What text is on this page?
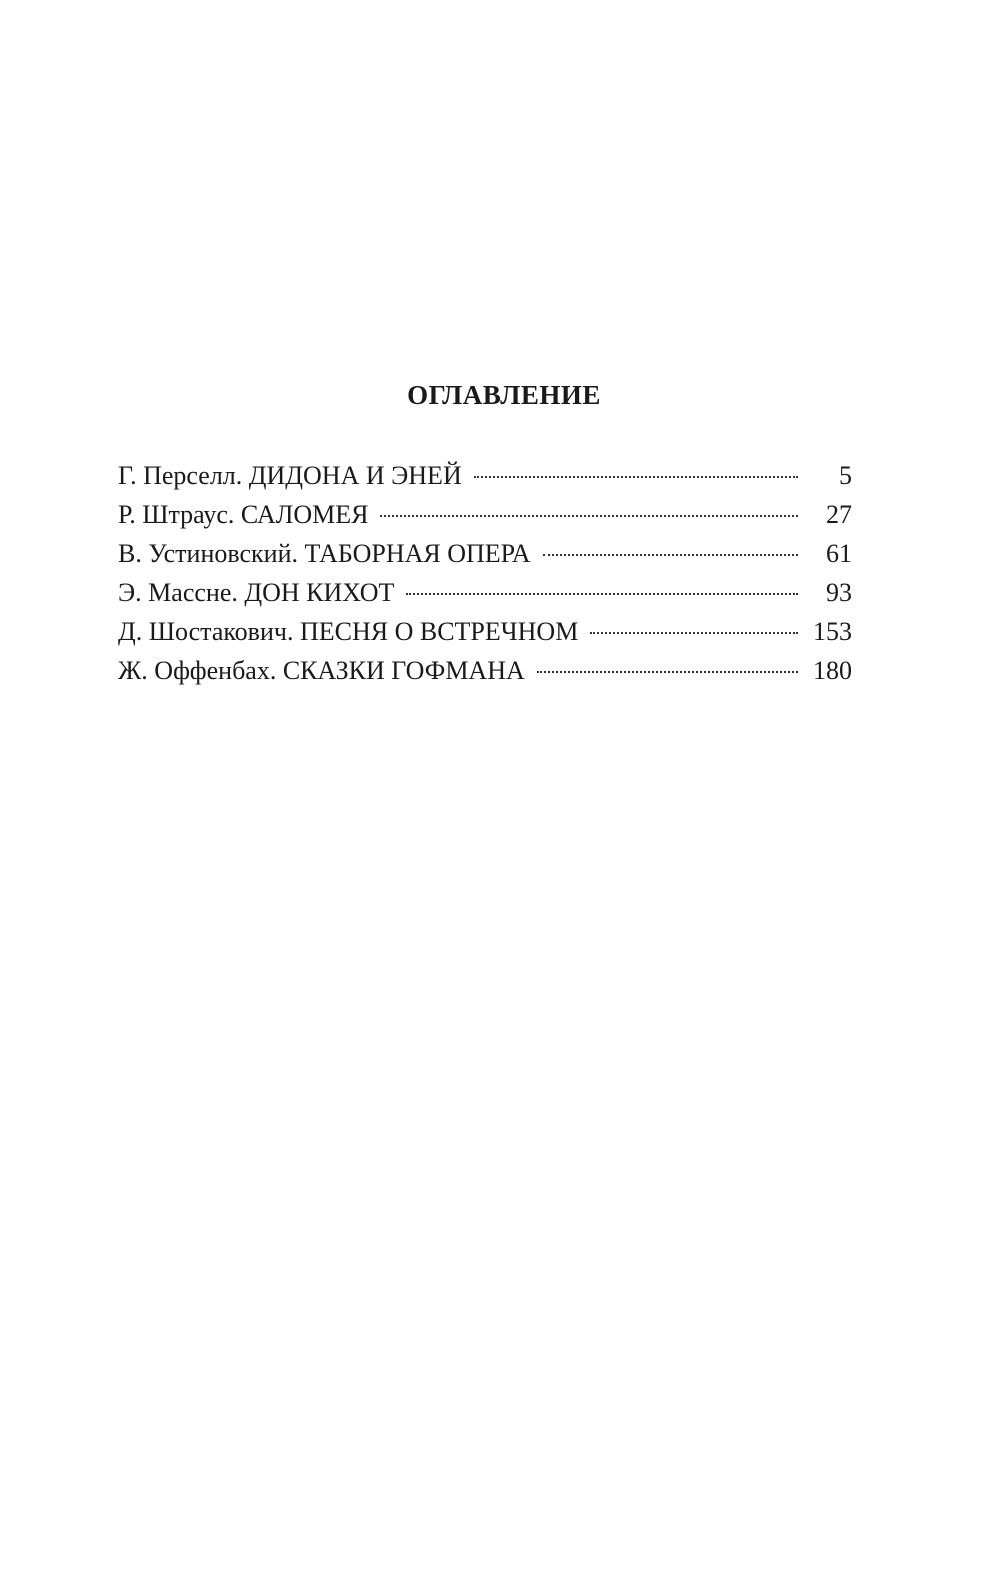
ОГЛАВЛЕНИЕ
Г. Перселл. ДИДОНА И ЭНЕЙ	5
Р. Штраус. САЛОМЕЯ	27
В. Устиновский. ТАБОРНАЯ ОПЕРА	61
Э. Массне. ДОН КИХОТ	93
Д. Шостакович. ПЕСНЯ О ВСТРЕЧНОМ	153
Ж. Оффенбах. СКАЗКИ ГОФМАНА	180
